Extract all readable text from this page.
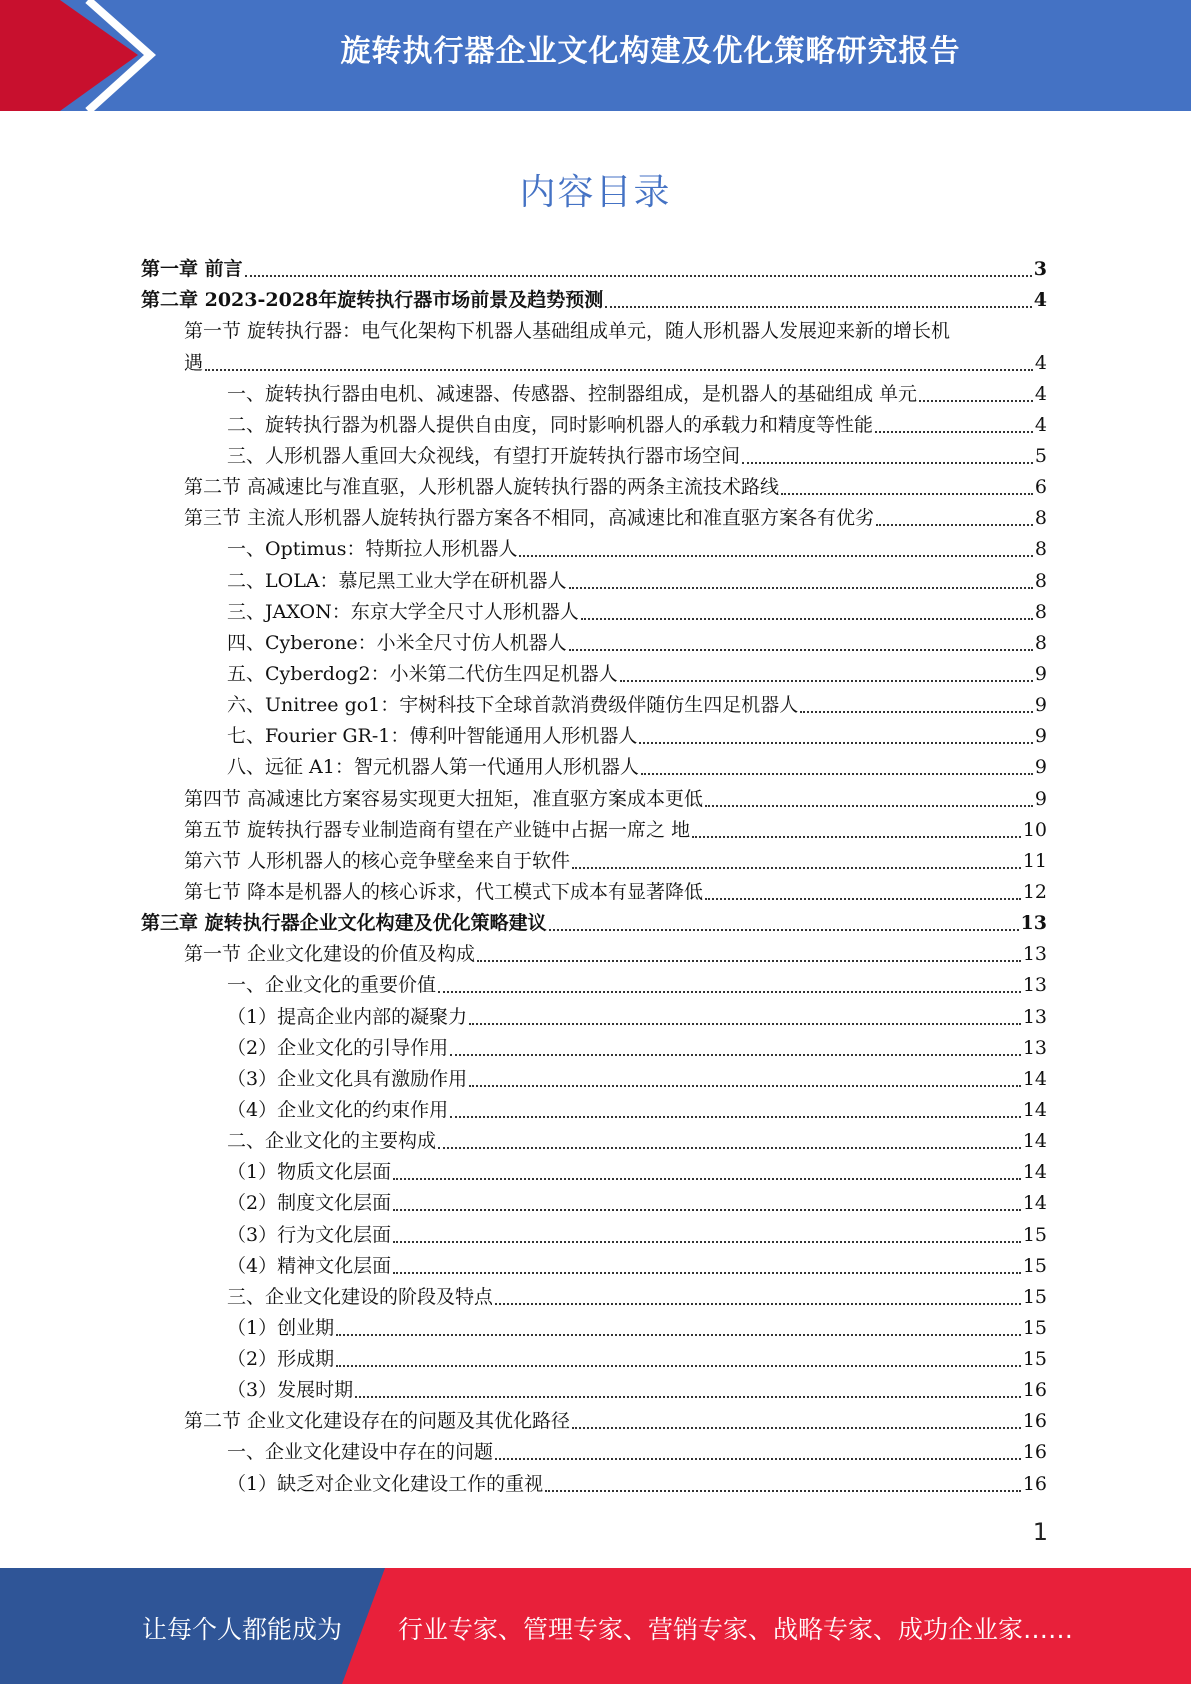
旋转执行器企业文化构建及优化策略研究报告
内容目录
第一章 前言	3
第二章 2023-2028年旋转执行器市场前景及趋势预测	4
第一节 旋转执行器：电气化架构下机器人基础组成单元，随人形机器人发展迎来新的增长机
遇	4
一、旋转执行器由电机、减速器、传感器、控制器组成，是机器人的基础组成 单元	4
二、旋转执行器为机器人提供自由度，同时影响机器人的承载力和精度等性能	4
三、人形机器人重回大众视线，有望打开旋转执行器市场空间	5
第二节 高减速比与准直驱，人形机器人旋转执行器的两条主流技术路线	6
第三节 主流人形机器人旋转执行器方案各不相同，高减速比和准直驱方案各有优劣	8
一、Optimus：特斯拉人形机器人	8
二、LOLA：慕尼黑工业大学在研机器人	8
三、JAXON：东京大学全尺寸人形机器人	8
四、Cyberone：小米全尺寸仿人机器人	8
五、Cyberdog2：小米第二代仿生四足机器人	9
六、Unitree go1：宇树科技下全球首款消费级伴随仿生四足机器人	9
七、Fourier GR-1：傅利叶智能通用人形机器人	9
八、远征 A1：智元机器人第一代通用人形机器人	9
第四节 高减速比方案容易实现更大扭矩，准直驱方案成本更低	9
第五节 旋转执行器专业制造商有望在产业链中占据一席之 地	10
第六节 人形机器人的核心竞争壁垒来自于软件	11
第七节 降本是机器人的核心诉求，代工模式下成本有显著降低	12
第三章 旋转执行器企业文化构建及优化策略建议	13
第一节 企业文化建设的价值及构成	13
一、企业文化的重要价值	13
（1）提高企业内部的凝聚力	13
（2）企业文化的引导作用	13
（3）企业文化具有激励作用	14
（4）企业文化的约束作用	14
二、企业文化的主要构成	14
（1）物质文化层面	14
（2）制度文化层面	14
（3）行为文化层面	15
（4）精神文化层面	15
三、企业文化建设的阶段及特点	15
（1）创业期	15
（2）形成期	15
（3）发展时期	16
第二节 企业文化建设存在的问题及其优化路径	16
一、企业文化建设中存在的问题	16
（1）缺乏对企业文化建设工作的重视	16
1
让每个人都能成为 行业专家、管理专家、营销专家、战略专家、成功企业家……
